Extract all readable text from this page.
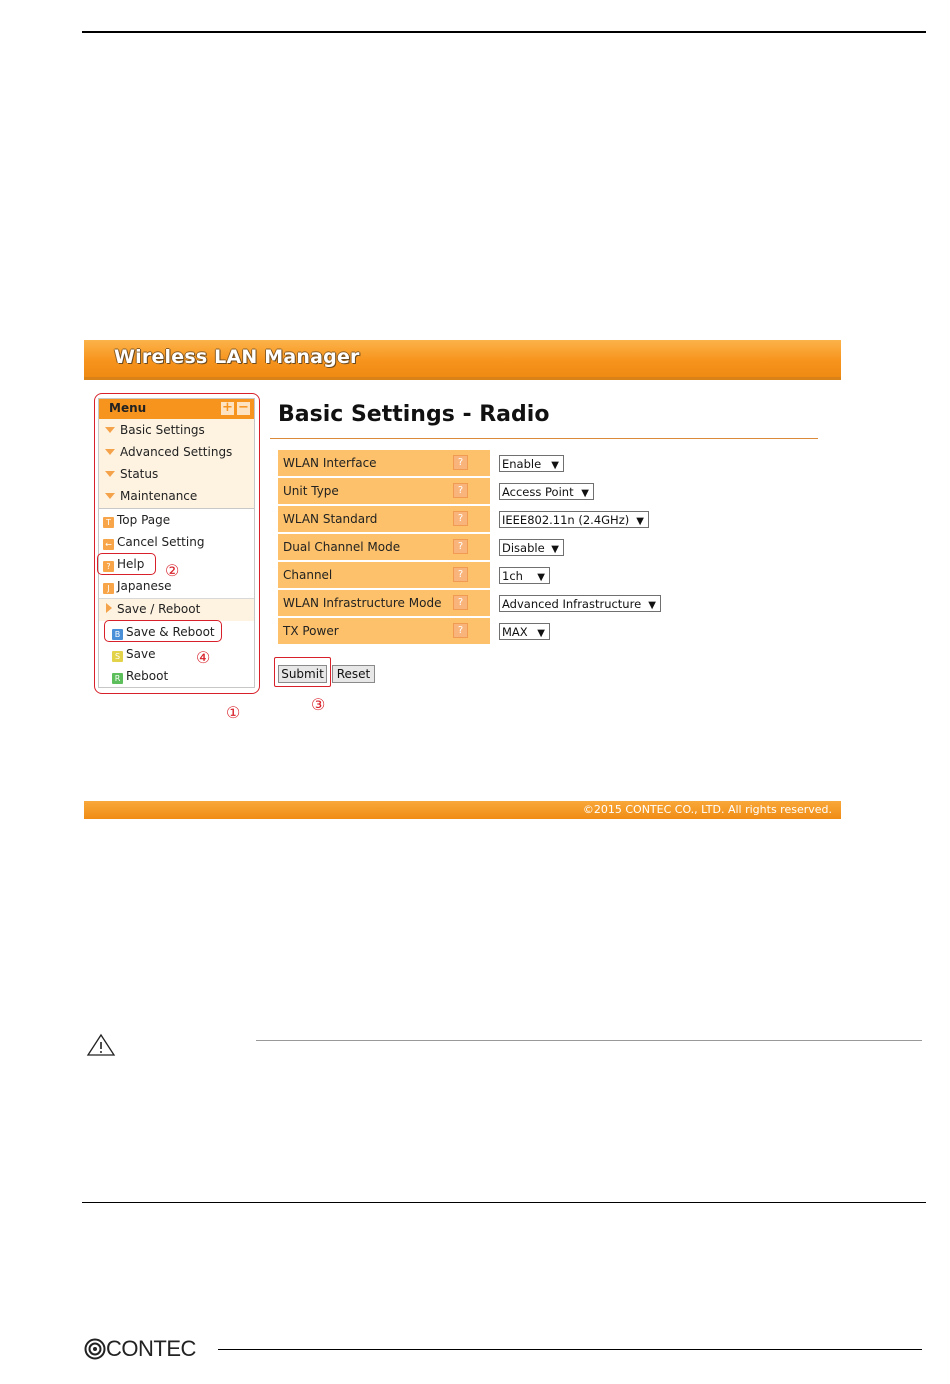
Wireless LAN Manager
Menu	+ −
Basic Settings
Advanced Settings
Status
Maintenance
T Top Page
← Cancel Setting
? Help
J Japanese
Save / Reboot
B Save & Reboot
S Save
R Reboot
Basic Settings - Radio
WLAN Interface	?	Enable ▼
Unit Type	?	Access Point ▼
WLAN Standard	?	IEEE802.11n (2.4GHz) ▼
Dual Channel Mode	?	Disable ▼
Channel	?	1ch ▼
WLAN Infrastructure Mode	?	Advanced Infrastructure ▼
TX Power	?	MAX ▼
Submit	Reset
①
②
③
④
©2015 CONTEC CO., LTD. All rights reserved.
CONTEC
